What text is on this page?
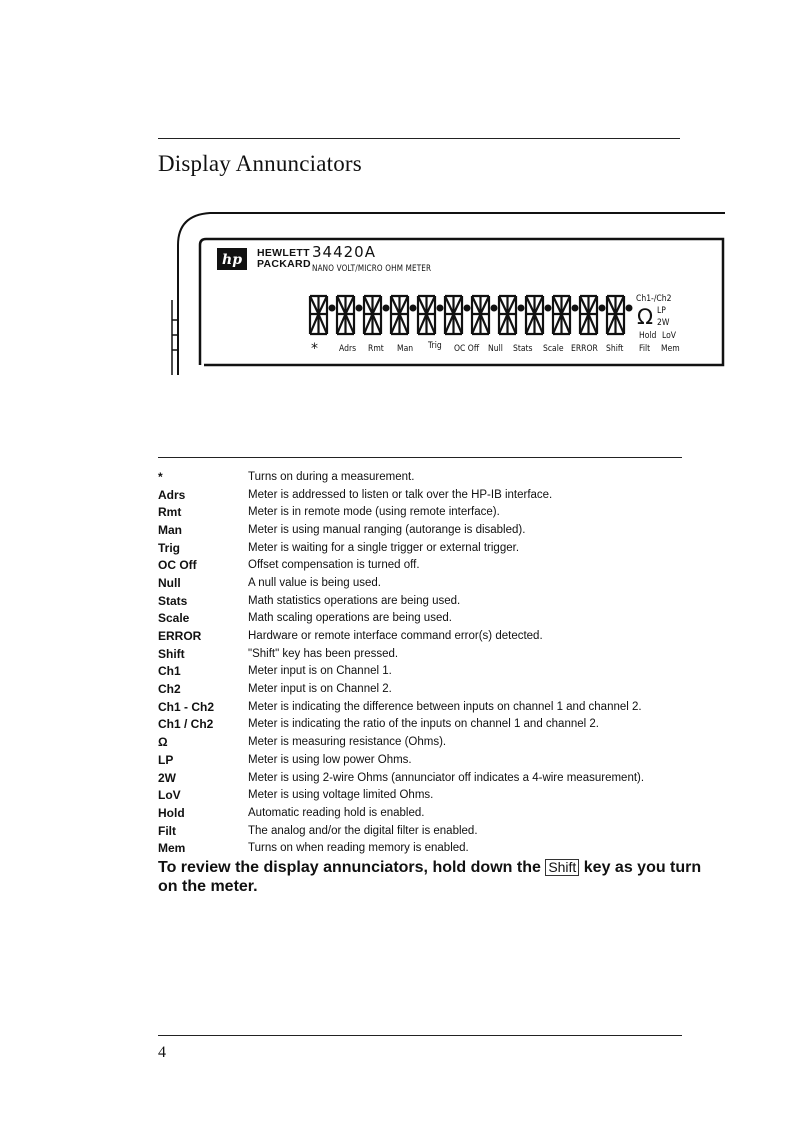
Display Annunciators
hp HEWLETT
PACKARD
34420A
NANO VOLT/MICRO OHM METER
Ch1-/Ch2
Ω LP
2W
Hold LoV
* Adrs Rmt Man Trig OC Off Null Stats Scale ERROR Shift Filt Mem
*	Turns on during a measurement.
Adrs	Meter is addressed to listen or talk over the HP-IB interface.
Rmt	Meter is in remote mode (using remote interface).
Man	Meter is using manual ranging (autorange is disabled).
Trig	Meter is waiting for a single trigger or external trigger.
OC Off	Offset compensation is turned off.
Null	A null value is being used.
Stats	Math statistics operations are being used.
Scale	Math scaling operations are being used.
ERROR	Hardware or remote interface command error(s) detected.
Shift	"Shift" key has been pressed.
Ch1	Meter input is on Channel 1.
Ch2	Meter input is on Channel 2.
Ch1 - Ch2	Meter is indicating the difference between inputs on channel 1 and channel 2.
Ch1 / Ch2	Meter is indicating the ratio of the inputs on channel 1 and channel 2.
Ω	Meter is measuring resistance (Ohms).
LP	Meter is using low power Ohms.
2W	Meter is using 2-wire Ohms (annunciator off indicates a 4-wire measurement).
LoV	Meter is using voltage limited Ohms.
Hold	Automatic reading hold is enabled.
Filt	The analog and/or the digital filter is enabled.
Mem	Turns on when reading memory is enabled.

To review the display annunciators, hold down the Shift key as you turn on the meter.

4
